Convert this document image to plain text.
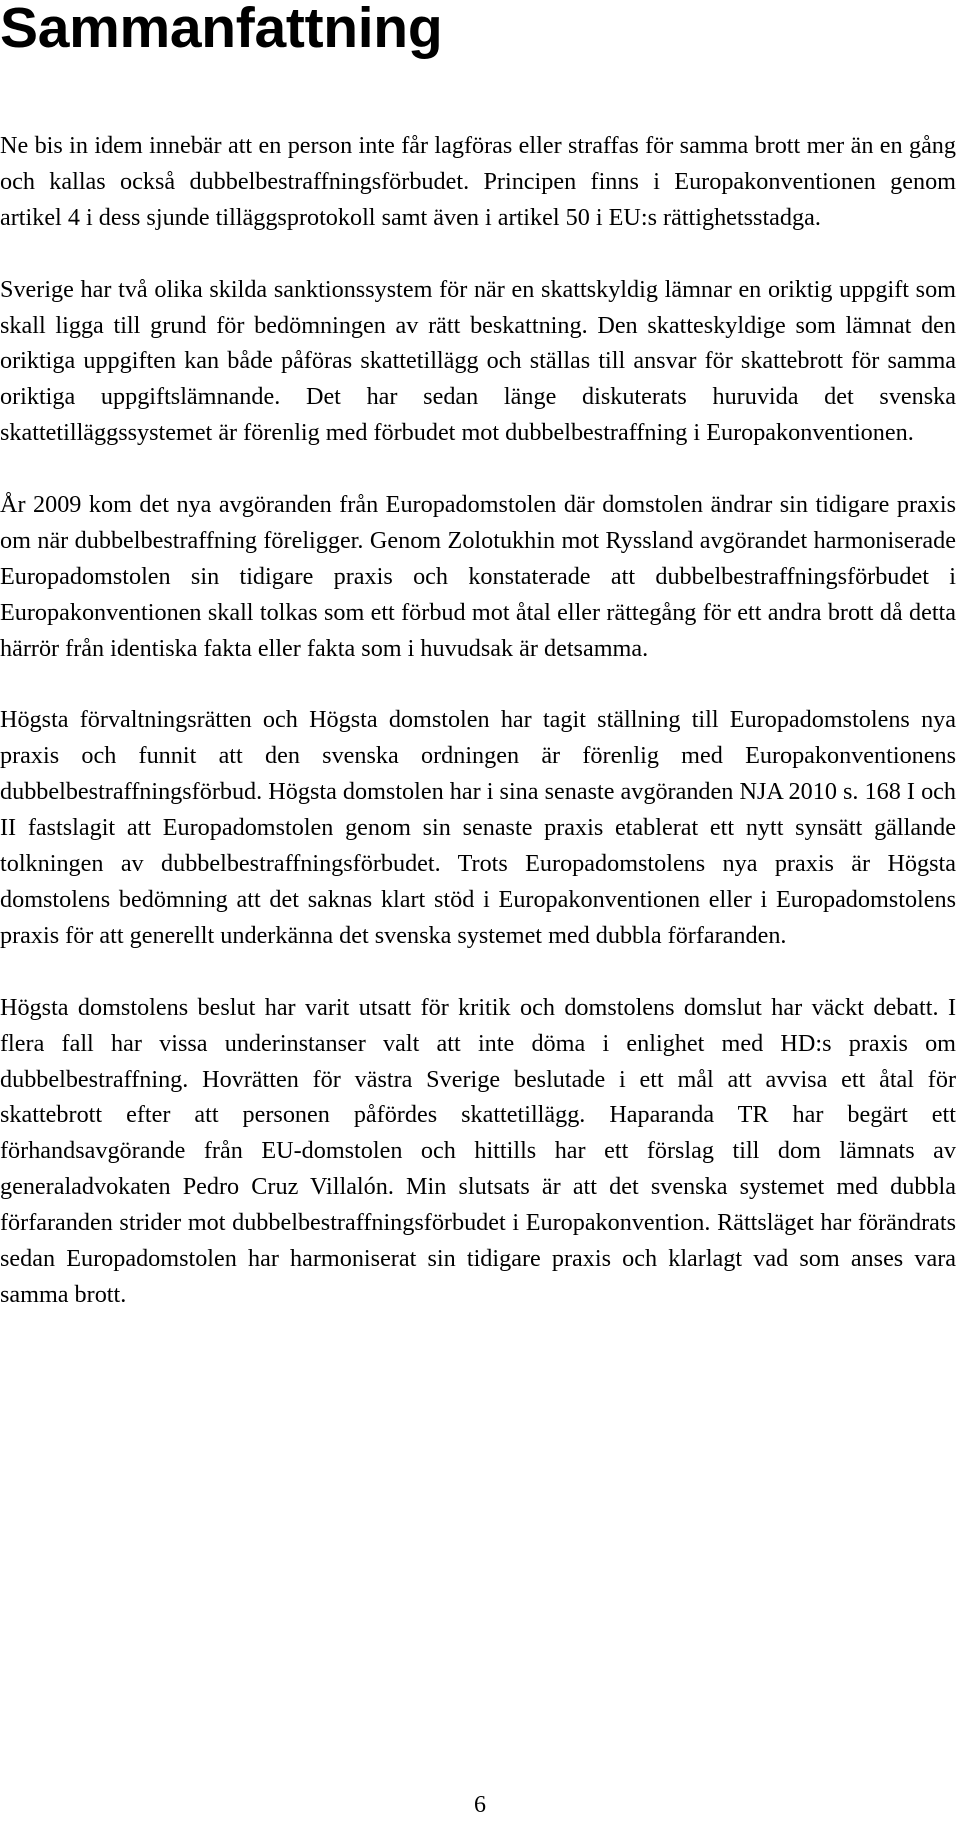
Sammanfattning

Ne bis in idem innebär att en person inte får lagföras eller straffas för samma brott mer än en gång och kallas också dubbelbestraffningsförbudet. Principen finns i Europakonventionen genom artikel 4 i dess sjunde tilläggsprotokoll samt även i artikel 50 i EU:s rättighetsstadga.

Sverige har två olika skilda sanktionssystem för när en skattskyldig lämnar en oriktig uppgift som skall ligga till grund för bedömningen av rätt beskattning. Den skatteskyldige som lämnat den oriktiga uppgiften kan både påföras skattetillägg och ställas till ansvar för skattebrott för samma oriktiga uppgiftslämnande. Det har sedan länge diskuterats huruvida det svenska skattetilläggssystemet är förenlig med förbudet mot dubbelbestraffning i Europakonventionen.

År 2009 kom det nya avgöranden från Europadomstolen där domstolen ändrar sin tidigare praxis om när dubbelbestraffning föreligger. Genom Zolotukhin mot Ryssland avgörandet harmoniserade Europadomstolen sin tidigare praxis och konstaterade att dubbelbestraffningsförbudet i Europakonventionen skall tolkas som ett förbud mot åtal eller rättegång för ett andra brott då detta härrör från identiska fakta eller fakta som i huvudsak är detsamma.

Högsta förvaltningsrätten och Högsta domstolen har tagit ställning till Europadomstolens nya praxis och funnit att den svenska ordningen är förenlig med Europakonventionens dubbelbestraffningsförbud. Högsta domstolen har i sina senaste avgöranden NJA 2010 s. 168 I och II fastslagit att Europadomstolen genom sin senaste praxis etablerat ett nytt synsätt gällande tolkningen av dubbelbestraffningsförbudet. Trots Europadomstolens nya praxis är Högsta domstolens bedömning att det saknas klart stöd i Europakonventionen eller i Europadomstolens praxis för att generellt underkänna det svenska systemet med dubbla förfaranden.

Högsta domstolens beslut har varit utsatt för kritik och domstolens domslut har väckt debatt. I flera fall har vissa underinstanser valt att inte döma i enlighet med HD:s praxis om dubbelbestraffning. Hovrätten för västra Sverige beslutade i ett mål att avvisa ett åtal för skattebrott efter att personen påfördes skattetillägg. Haparanda TR har begärt ett förhandsavgörande från EU-domstolen och hittills har ett förslag till dom lämnats av generaladvokaten Pedro Cruz Villalón. Min slutsats är att det svenska systemet med dubbla förfaranden strider mot dubbelbestraffningsförbudet i Europakonvention. Rättsläget har förändrats sedan Europadomstolen har harmoniserat sin tidigare praxis och klarlagt vad som anses vara samma brott.

6
